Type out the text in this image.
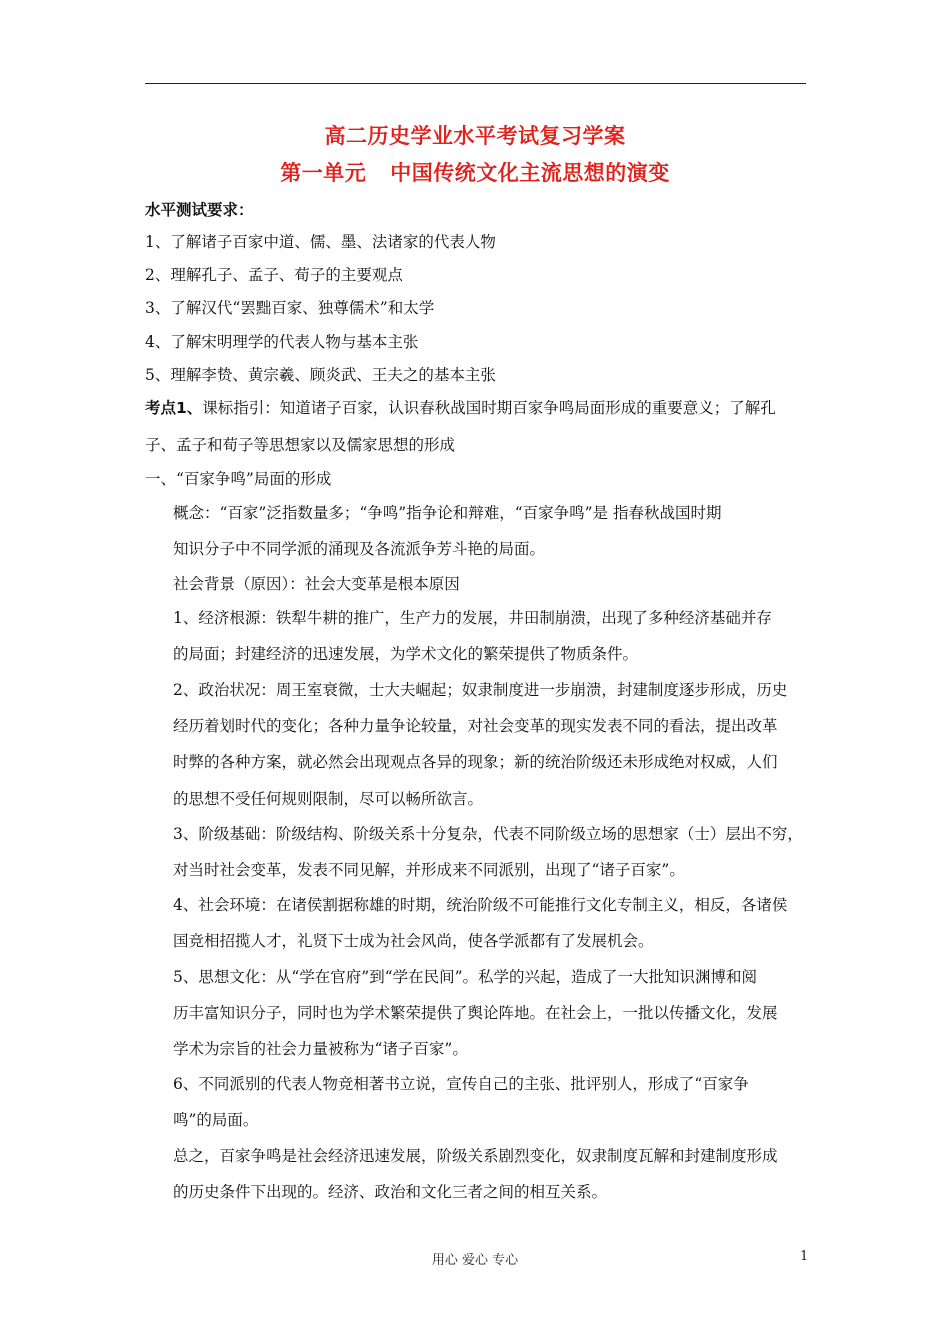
高二历史学业水平考试复习学案
第一单元 中国传统文化主流思想的演变
水平测试要求：
1、了解诸子百家中道、儒、墨、法诸家的代表人物
2、理解孔子、孟子、荀子的主要观点
3、了解汉代“罢黜百家、独尊儒术”和太学
4、了解宋明理学的代表人物与基本主张
5、理解李贽、黄宗羲、顾炎武、王夫之的基本主张
考点1、课标指引：知道诸子百家，认识春秋战国时期百家争鸣局面形成的重要意义；了解孔
子、孟子和荀子等思想家以及儒家思想的形成
一、“百家争鸣”局面的形成
概念：“百家”泛指数量多；“争鸣”指争论和辩难，“百家争鸣”是 指春秋战国时期
知识分子中不同学派的涌现及各流派争芳斗艳的局面。
社会背景（原因）：社会大变革是根本原因
1、经济根源：铁犁牛耕的推广，生产力的发展，井田制崩溃，出现了多种经济基础并存
的局面；封建经济的迅速发展，为学术文化的繁荣提供了物质条件。
2、政治状况：周王室衰微，士大夫崛起；奴隶制度进一步崩溃，封建制度逐步形成，历史
经历着划时代的变化；各种力量争论较量，对社会变革的现实发表不同的看法，提出改革
时弊的各种方案，就必然会出现观点各异的现象；新的统治阶级还未形成绝对权威，人们
的思想不受任何规则限制，尽可以畅所欲言。
3、阶级基础：阶级结构、阶级关系十分复杂，代表不同阶级立场的思想家（士）层出不穷，
对当时社会变革，发表不同见解，并形成来不同派别，出现了“诸子百家”。
4、社会环境：在诸侯割据称雄的时期，统治阶级不可能推行文化专制主义，相反，各诸侯
国竞相招揽人才，礼贤下士成为社会风尚，使各学派都有了发展机会。
5、思想文化：从“学在官府”到“学在民间”。私学的兴起，造成了一大批知识渊博和阅
历丰富知识分子，同时也为学术繁荣提供了舆论阵地。在社会上，一批以传播文化，发展
学术为宗旨的社会力量被称为“诸子百家”。
6、不同派别的代表人物竞相著书立说，宣传自己的主张、批评别人，形成了“百家争
鸣”的局面。
总之，百家争鸣是社会经济迅速发展，阶级关系剧烈变化，奴隶制度瓦解和封建制度形成
的历史条件下出现的。经济、政治和文化三者之间的相互关系。
用心 爱心 专心	1
